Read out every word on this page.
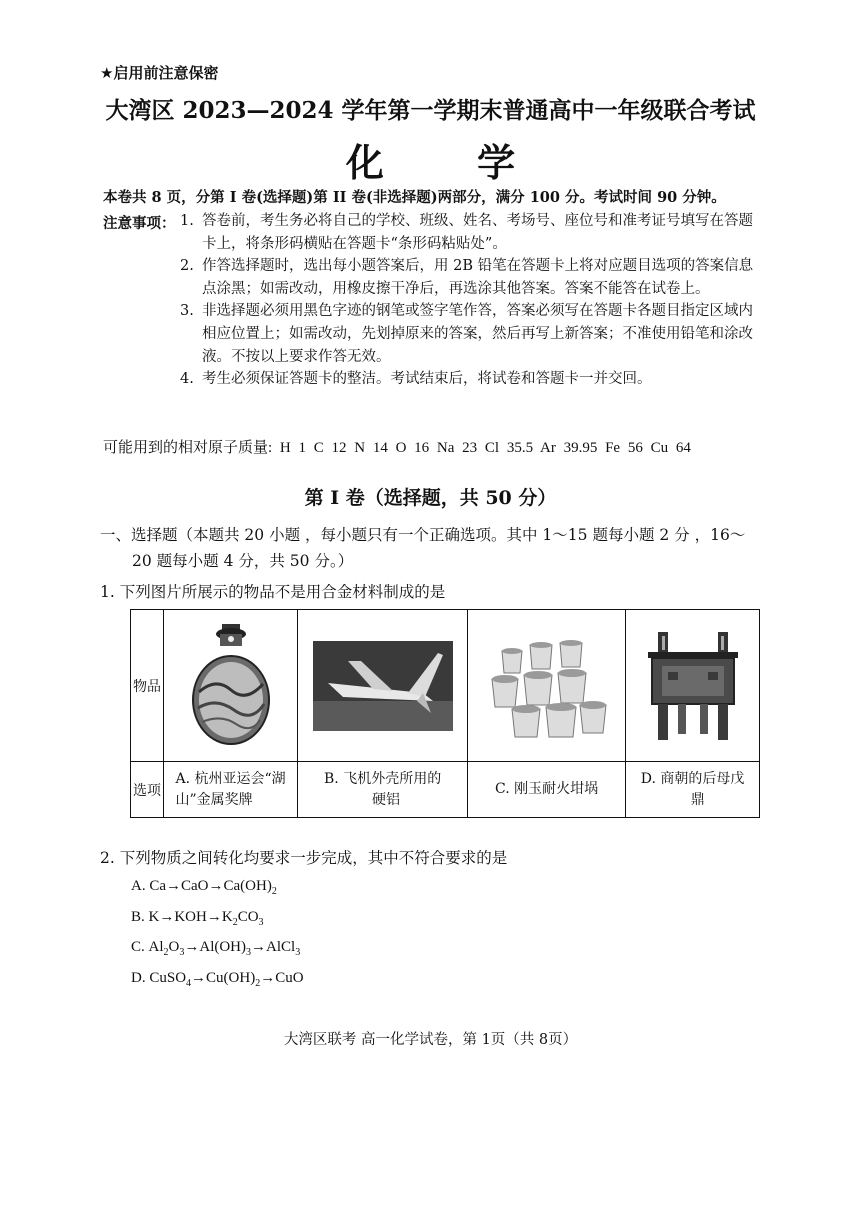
★启用前注意保密
大湾区 2023—2024 学年第一学期末普通高中一年级联合考试
化 学
本卷共 8 页，分第 I 卷(选择题)第 II 卷(非选择题)两部分，满分 100 分。考试时间 90 分钟。
注意事项： 1. 答卷前，考生务必将自己的学校、班级、姓名、考场号、座位号和准考证号填写在答题卡上，将条形码横贴在答题卡“条形码粘贴处”。
2. 作答选择题时，选出每小题答案后，用 2B 铅笔在答题卡上将对应题目选项的答案信息点涂黑；如需改动，用橡皮擦干净后，再选涂其他答案。答案不能答在试卷上。
3. 非选择题必须用黑色字迹的钢笔或签字笔作答，答案必须写在答题卡各题目指定区域内相应位置上；如需改动，先划掉原来的答案，然后再写上新答案；不准使用铅笔和涂改液。不按以上要求作答无效。
4. 考生必须保证答题卡的整洁。考试结束后，将试卷和答题卡一并交回。
可能用到的相对原子质量: H 1 C 12 N 14 O 16 Na 23 Cl 35.5 Ar 39.95 Fe 56 Cu 64
第 I 卷（选择题，共 50 分）
一、选择题（本题共 20 小题 ，每小题只有一个正确选项。其中 1～15 题每小题 2 分 ，16～
20 题每小题 4 分，共 50 分。）
1. 下列图片所展示的物品不是用合金材料制成的是
物品	

选项	A. 杭州亚运会“湖
山”金属奖牌	B. 飞机外壳所用的
硬铝	C. 刚玉耐火坩埚	D. 商朝的后母戊
鼎
2. 下列物质之间转化均要求一步完成，其中不符合要求的是
A. $Ca\to CaO\to Ca(OH)_2$
B. $K\to KOH\to K_2CO_3$
C. $Al_2O_3\to Al(OH)_3\to AlCl_3$
D. $CuSO_4\to Cu(OH)_2\to CuO$
大湾区联考 高一化学试卷，第 1页（共 8页）
